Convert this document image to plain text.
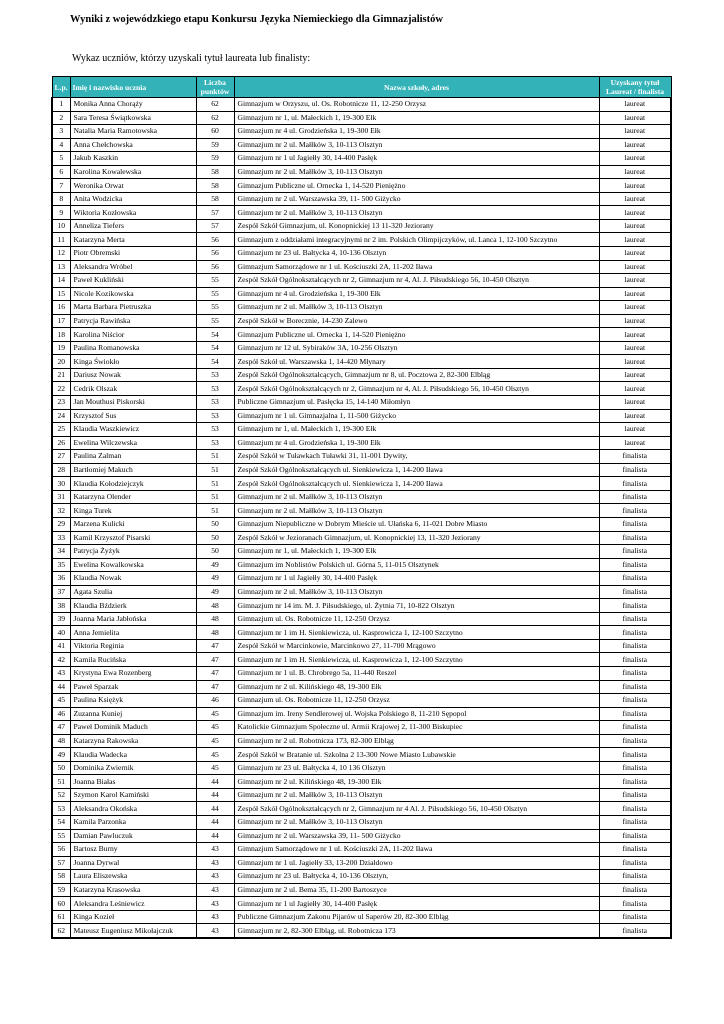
Wyniki z wojewódzkiego etapu Konkursu Języka Niemieckiego dla Gimnazjalistów
Wykaz uczniów, którzy uzyskali tytuł laureata lub finalisty:
L.p.	Imię i nazwisko ucznia	Liczba punktów	Nazwa szkoły, adres	Uzyskany tytuł Laureat / finalista
1	Monika Anna Chorąży	62	Gimnazjum w Orzyszu, ul. Os. Robotnicze 11, 12-250 Orzysz	laureat
2	Sara Teresa Świątkowska	62	Gimnazjum nr 1, ul. Małeckich 1, 19-300 Ełk	laureat
3	Natalia Maria Ramotowska	60	Gimnazjum nr 4 ul. Grodzieńska 1, 19-300 Ełk	laureat
4	Anna Chełchowska	59	Gimnazjum nr 2 ul. Małłków 3, 10-113 Olsztyn	laureat
5	Jakub Kaszkin	59	Gimnazjum nr 1 ul Jagiełły 30, 14-400 Pasłęk	laureat
6	Karolina Kowalewska	58	Gimnazjum nr 2 ul. Małłków 3, 10-113 Olsztyn	laureat
7	Weronika Orwat	58	Gimnazjum Publiczne ul. Ornecka 1, 14-520 Pieniężno	laureat
8	Anita Wodzicka	58	Gimnazjum nr 2 ul. Warszawska 39, 11- 500 Giżycko	laureat
9	Wiktoria Kozłowska	57	Gimnazjum nr 2 ul. Małłków 3, 10-113 Olsztyn	laureat
10	Anneliza Tiefers	57	Zespół Szkół Gimnazjum, ul. Konopnickiej 13 11-320 Jeziorany	laureat
11	Katarzyna Merta	56	Gimnazjum z oddziałami integracyjnymi nr 2 im. Polskich Olimpijczyków, ul. Lanca 1, 12-100 Szczytno	laureat
12	Piotr Obremski	56	Gimnazjum nr 23 ul. Bałtycka 4, 10-136 Olsztyn	laureat
13	Aleksandra Wróbel	56	Gimnazjum Samorządowe nr 1 ul. Kościuszki 2A, 11-202 Iława	laureat
14	Paweł Kukliński	55	Zespół Szkół Ogólnokształcących nr 2, Gimnazjum nr 4, Al. J. Piłsudskiego 56, 10-450 Olsztyn	laureat
15	Nicole Kozikowska	55	Gimnazjum nr 4 ul. Grodzieńska 1, 19-300 Ełk	laureat
16	Marta Barbara Pietruszka	55	Gimnazjum nr 2 ul. Małłków 3, 10-113 Olsztyn	laureat
17	Patrycja Rawińska	55	Zespół Szkół w Borecznie, 14-230 Zalewo	laureat
18	Karolina Niścior	54	Gimnazjum Publiczne ul. Ornecka 1, 14-520 Pieniężno	laureat
19	Paulina Romanowska	54	Gimnazjum nr 12 ul. Sybiraków 3A, 10-256 Olsztyn	laureat
20	Kinga Świokło	54	Zespół Szkół ul. Warszawska 1, 14-420 Młynary	laureat
21	Dariusz Nowak	53	Zespół Szkół Ogólnokształcących, Gimnazjum nr 8, ul. Pocztowa 2, 82-300 Elbląg	laureat
22	Cedrik Olszak	53	Zespół Szkół Ogólnokształcących nr 2, Gimnazjum nr 4, Al. J. Piłsudskiego 56, 10-450 Olsztyn	laureat
23	Jan Mouthusi Piskorski	53	Publiczne Gimnazjum ul. Pasłęcka 15, 14-140 Miłomłyn	laureat
24	Krzysztof Sus	53	Gimnazjum nr 1 ul. Gimnazjalna 1, 11-500 Giżycko	laureat
25	Klaudia Waszkiewicz	53	Gimnazjum nr 1, ul. Małeckich 1, 19-300 Ełk	laureat
26	Ewelina Wilczewska	53	Gimnazjum nr 4 ul. Grodzieńska 1, 19-300 Ełk	laureat
27	Paulina Zalman	51	Zespół Szkół w Tuławkach Tuławki 31, 11-001 Dywity,	finalista
28	Bartłomiej Makuch	51	Zespół Szkół Ogólnokształcących ul. Sienkiewicza 1, 14-200 Iława	finalista
30	Klaudia Kołodziejczyk	51	Zespół Szkół Ogólnokształcących ul. Sienkiewicza 1, 14-200 Iława	finalista
31	Katarzyna Olender	51	Gimnazjum nr 2 ul. Małłków 3, 10-113 Olsztyn	finalista
32	Kinga Turek	51	Gimnazjum nr 2 ul. Małłków 3, 10-113 Olsztyn	finalista
29	Marzena Kulicki	50	Gimnazjum Niepubliczne w Dobrym Mieście ul. Ułańska 6, 11-021 Dobre Miasto	finalista
33	Kamil Krzysztof Pisarski	50	Zespół Szkół w Jezioranach Gimnazjum, ul. Konopnickiej 13, 11-320 Jeziorany	finalista
34	Patrycja Żyżyk	50	Gimnazjum nr 1, ul. Małeckich 1, 19-300 Ełk	finalista
35	Ewelina Kowalkowska	49	Gimnazjum im Noblistów Polskich ul. Górna 5, 11-015 Olsztynek	finalista
36	Klaudia Nowak	49	Gimnazjum nr 1 ul Jagiełły 30, 14-400 Pasłęk	finalista
37	Agata Szulia	49	Gimnazjum nr 2 ul. Małłków 3, 10-113 Olsztyn	finalista
38	Klaudia Bździerk	48	Gimnazjum nr 14 im. M. J. Piłsudskiego, ul. Żytnia 71, 10-822 Olsztyn	finalista
39	Joanna Maria Jabłońska	48	Gimnazjum ul. Os. Robotnicze 11, 12-250 Orzysz	finalista
40	Anna Jemielita	48	Gimnazjum nr 1 im H. Sienkiewicza, ul. Kasprowicza 1, 12-100 Szczytno	finalista
41	Viktoria Reginia	47	Zespół Szkół w Marcinkowie, Marcinkowo 27, 11-700 Mrągowo	finalista
42	Kamila Rucińska	47	Gimnazjum nr 1 im H. Sienkiewicza, ul. Kasprowicza 1, 12-100 Szczytno	finalista
43	Krystyna Ewa Rozenberg	47	Gimnazjum nr 1 ul. B. Chrobrego 5a, 11-440 Reszel	finalista
44	Paweł Sparzak	47	Gimnazjum nr 2 ul. Kilińskiego 48, 19-300 Ełk	finalista
45	Paulina Księżyk	46	Gimnazjum ul. Os. Robotnicze 11, 12-250 Orzysz	finalista
46	Zuzanna Kuniej	45	Gimnazjum im. Ireny Sendlerowej ul. Wojska Polskiego 8, 11-210 Sępopol	finalista
47	Paweł Dominik Maduch	45	Katolickie Gimnazjum Społeczne ul. Armii Krajowej 2, 11-300 Biskupiec	finalista
48	Katarzyna Rakowska	45	Gimnazjum nr 2 ul. Robotnicza 173, 82-300 Elbląg	finalista
49	Klaudia Wadecka	45	Zespół Szkół w Bratanie ul. Szkolna 2 13-300 Nowe Miasto Lubawskie	finalista
50	Dominika Zwiernik	45	Gimnazjum nr 23 ul. Bałtycka 4, 10 136 Olsztyn	finalista
51	Joanna Białas	44	Gimnazjum nr 2 ul. Kilińskiego 48, 19-300 Ełk	finalista
52	Szymon Karol Kamiński	44	Gimnazjum nr 2 ul. Małłków 3, 10-113 Olsztyn	finalista
53	Aleksandra Okońska	44	Zespół Szkół Ogólnokształcących nr 2, Gimnazjum nr 4 Al. J. Piłsudskiego 56, 10-450 Olsztyn	finalista
54	Kamila Parzonka	44	Gimnazjum nr 2 ul. Małłków 3, 10-113 Olsztyn	finalista
55	Damian Pawluczuk	44	Gimnazjum nr 2 ul. Warszawska 39, 11- 500 Giżycko	finalista
56	Bartosz Burny	43	Gimnazjum Samorządowe nr 1 ul. Kościuszki 2A, 11-202 Iława	finalista
57	Joanna Dyrwal	43	Gimnazjum nr 1 ul. Jagiełły 33, 13-200 Działdowo	finalista
58	Laura Eliszewska	43	Gimnazjum nr 23 ul. Bałtycka 4, 10-136 Olsztyn,	finalista
59	Katarzyna Krasowska	43	Gimnazjum nr 2 ul. Bema 35, 11-200 Bartoszyce	finalista
60	Aleksandra Leśniewicz	43	Gimnazjum nr 1 ul Jagiełły 30, 14-400 Pasłęk	finalista
61	Kinga Kozieł	43	Publiczne Gimnazjum Zakonu Pijarów ul Saperów 20, 82-300 Elbląg	finalista
62	Mateusz Eugeniusz Mikołajczuk	43	Gimnazjum nr 2, 82-300 Elbląg, ul. Robotnicza 173	finalista
